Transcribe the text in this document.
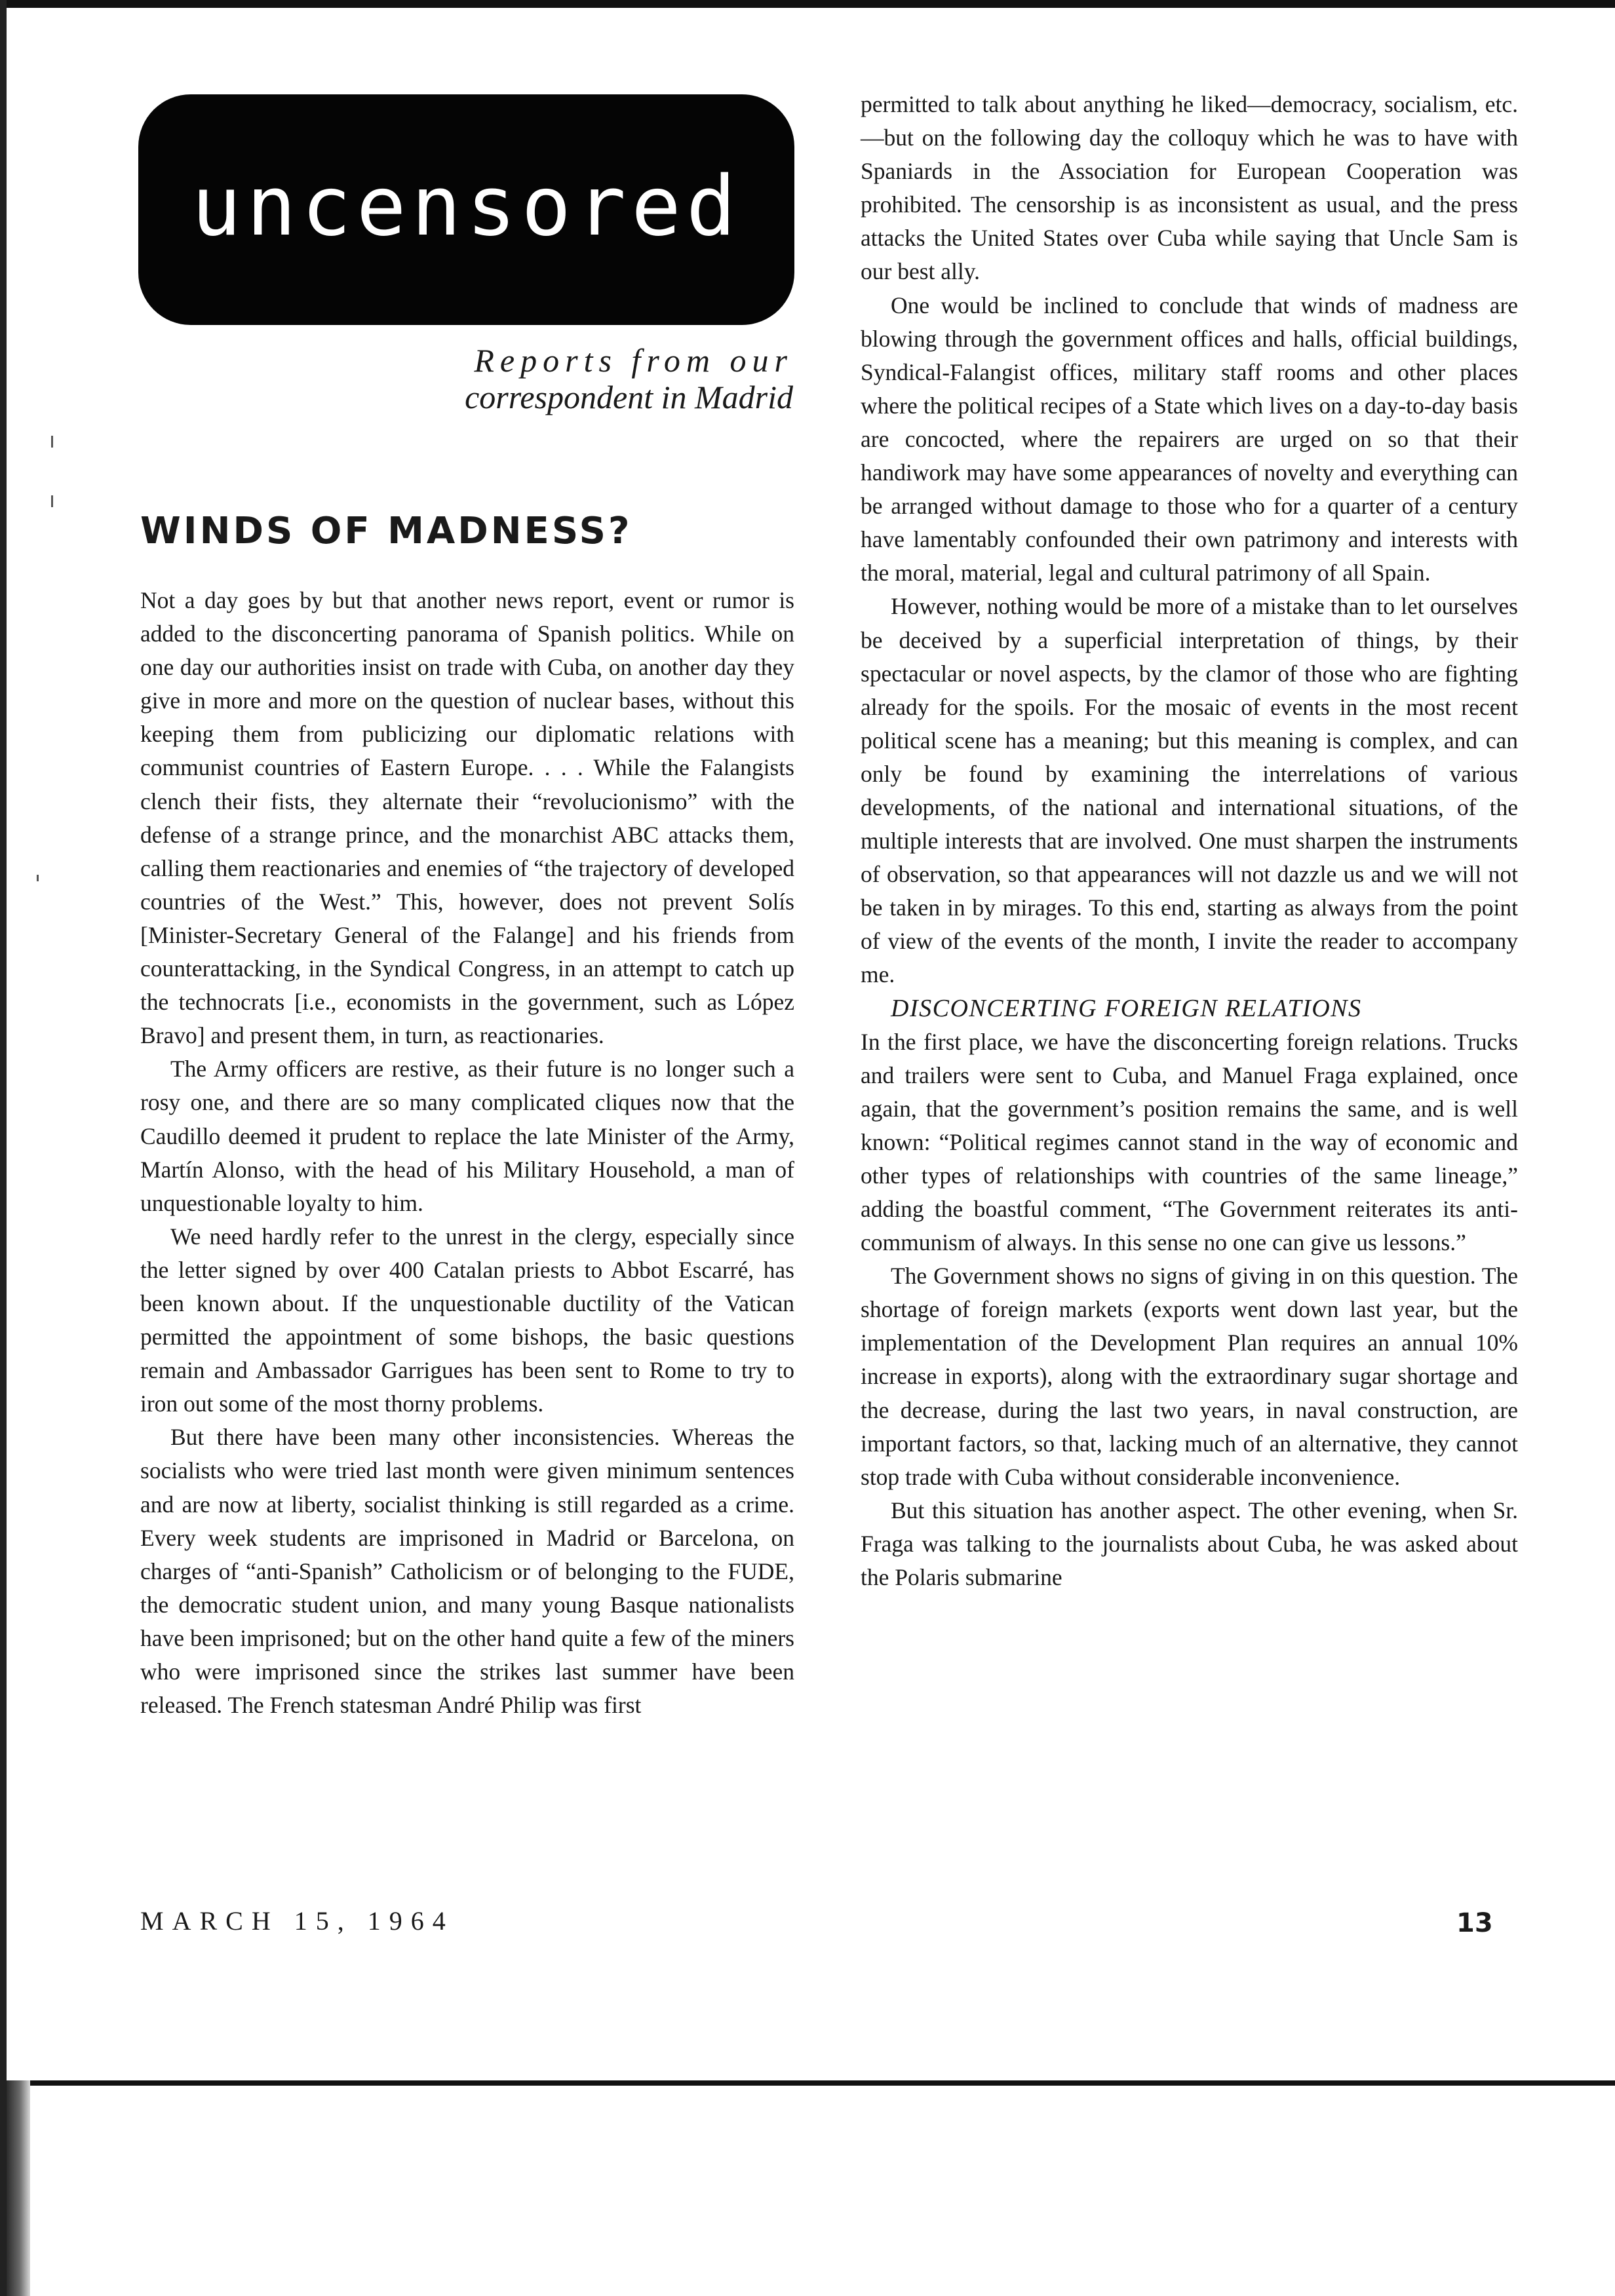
uncensored
Reports from our
correspondent in Madrid
WINDS OF MADNESS?

Not a day goes by but that another news report, event or rumor is added to the disconcerting panorama of Spanish politics. While on one day our authorities insist on trade with Cuba, on another day they give in more and more on the question of nuclear bases, without this keeping them from publicizing our diplomatic relations with communist countries of Eastern Europe. . . . While the Falangists clench their fists, they alternate their “revolucionismo” with the defense of a strange prince, and the monarchist ABC attacks them, calling them reactionaries and enemies of “the trajectory of developed countries of the West.” This, however, does not prevent Solís [Minister-Secretary General of the Falange] and his friends from counterattacking, in the Syndical Congress, in an attempt to catch up the technocrats [i.e., economists in the government, such as López Bravo] and present them, in turn, as reactionaries.

The Army officers are restive, as their future is no longer such a rosy one, and there are so many complicated cliques now that the Caudillo deemed it prudent to replace the late Minister of the Army, Martín Alonso, with the head of his Military Household, a man of unquestionable loyalty to him.

We need hardly refer to the unrest in the clergy, especially since the letter signed by over 400 Catalan priests to Abbot Escarré, has been known about. If the unquestionable ductility of the Vatican permitted the appointment of some bishops, the basic questions remain and Ambassador Garrigues has been sent to Rome to try to iron out some of the most thorny problems.

But there have been many other inconsistencies. Whereas the socialists who were tried last month were given minimum sentences and are now at liberty, socialist thinking is still regarded as a crime. Every week students are imprisoned in Madrid or Barcelona, on charges of “anti-Spanish” Catholicism or of belonging to the FUDE, the democratic student union, and many young Basque nationalists have been imprisoned; but on the other hand quite a few of the miners who were imprisoned since the strikes last summer have been released. The French statesman André Philip was first

permitted to talk about anything he liked—democracy, socialism, etc.—but on the following day the colloquy which he was to have with Spaniards in the Association for European Cooperation was prohibited. The censorship is as inconsistent as usual, and the press attacks the United States over Cuba while saying that Uncle Sam is our best ally.

One would be inclined to conclude that winds of madness are blowing through the government offices and halls, official buildings, Syndical-Falangist offices, military staff rooms and other places where the political recipes of a State which lives on a day-to-day basis are concocted, where the repairers are urged on so that their handiwork may have some appearances of novelty and everything can be arranged without damage to those who for a quarter of a century have lamentably confounded their own patrimony and interests with the moral, material, legal and cultural patrimony of all Spain.

However, nothing would be more of a mistake than to let ourselves be deceived by a superficial interpretation of things, by their spectacular or novel aspects, by the clamor of those who are fighting already for the spoils. For the mosaic of events in the most recent political scene has a meaning; but this meaning is complex, and can only be found by examining the interrelations of various developments, of the national and international situations, of the multiple interests that are involved. One must sharpen the instruments of observation, so that appearances will not dazzle us and we will not be taken in by mirages. To this end, starting as always from the point of view of the events of the month, I invite the reader to accompany me.

DISCONCERTING FOREIGN RELATIONS

In the first place, we have the disconcerting foreign relations. Trucks and trailers were sent to Cuba, and Manuel Fraga explained, once again, that the government’s position remains the same, and is well known: “Political regimes cannot stand in the way of economic and other types of relationships with countries of the same lineage,” adding the boastful comment, “The Government reiterates its anti-communism of always. In this sense no one can give us lessons.”

The Government shows no signs of giving in on this question. The shortage of foreign markets (exports went down last year, but the implementation of the Development Plan requires an annual 10% increase in exports), along with the extraordinary sugar shortage and the decrease, during the last two years, in naval construction, are important factors, so that, lacking much of an alternative, they cannot stop trade with Cuba without considerable inconvenience.

But this situation has another aspect. The other evening, when Sr. Fraga was talking to the journalists about Cuba, he was asked about the Polaris submarine

MARCH 15, 1964	13
